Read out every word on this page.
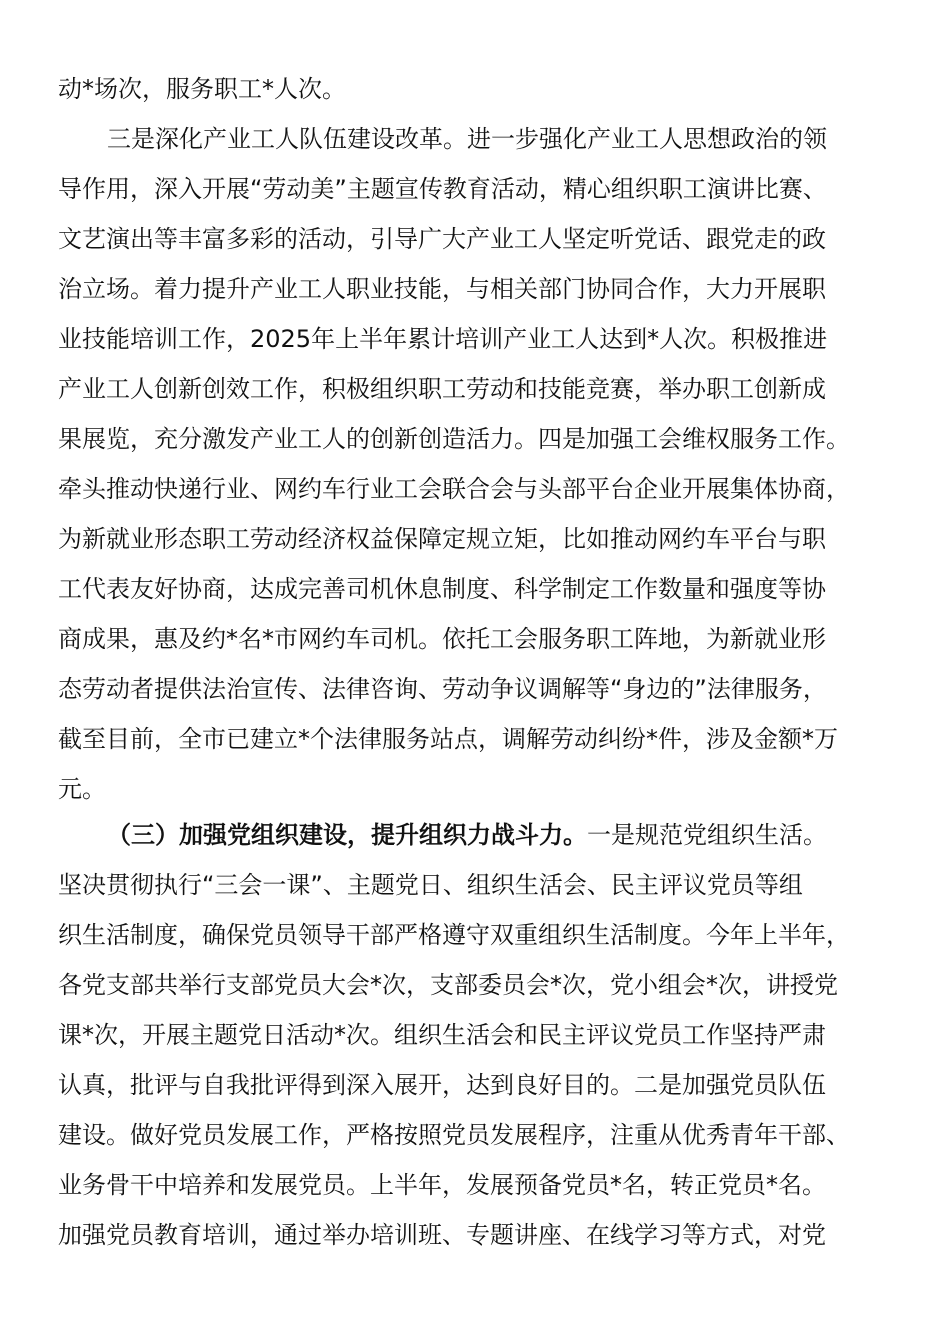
动*场次，服务职工*人次。
三是深化产业工人队伍建设改革。进一步强化产业工人思想政治的领
导作用，深入开展“劳动美”主题宣传教育活动，精心组织职工演讲比赛、
文艺演出等丰富多彩的活动，引导广大产业工人坚定听党话、跟党走的政
治立场。着力提升产业工人职业技能，与相关部门协同合作，大力开展职
业技能培训工作，2025年上半年累计培训产业工人达到*人次。积极推进
产业工人创新创效工作，积极组织职工劳动和技能竞赛，举办职工创新成
果展览，充分激发产业工人的创新创造活力。四是加强工会维权服务工作。
牵头推动快递行业、网约车行业工会联合会与头部平台企业开展集体协商，
为新就业形态职工劳动经济权益保障定规立矩，比如推动网约车平台与职
工代表友好协商，达成完善司机休息制度、科学制定工作数量和强度等协
商成果，惠及约*名*市网约车司机。依托工会服务职工阵地，为新就业形
态劳动者提供法治宣传、法律咨询、劳动争议调解等“身边的”法律服务，
截至目前，全市已建立*个法律服务站点，调解劳动纠纷*件，涉及金额*万
元。
（三）加强党组织建设，提升组织力战斗力。一是规范党组织生活。
坚决贯彻执行“三会一课”、主题党日、组织生活会、民主评议党员等组
织生活制度，确保党员领导干部严格遵守双重组织生活制度。今年上半年，
各党支部共举行支部党员大会*次，支部委员会*次，党小组会*次，讲授党
课*次，开展主题党日活动*次。组织生活会和民主评议党员工作坚持严肃
认真，批评与自我批评得到深入展开，达到良好目的。二是加强党员队伍
建设。做好党员发展工作，严格按照党员发展程序，注重从优秀青年干部、
业务骨干中培养和发展党员。上半年，发展预备党员*名，转正党员*名。
加强党员教育培训，通过举办培训班、专题讲座、在线学习等方式，对党
